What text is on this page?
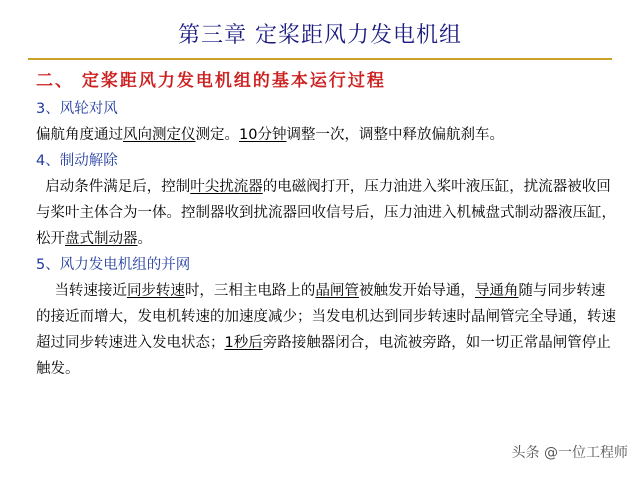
第三章 定桨距风力发电机组
二、 定桨距风力发电机组的基本运行过程

3、风轮对风

偏航角度通过风向测定仪测定。10分钟调整一次，调整中释放偏航刹车。

4、制动解除

启动条件满足后，控制叶尖扰流器的电磁阀打开，压力油进入桨叶液压缸，扰流器被收回与桨叶主体合为一体。控制器收到扰流器回收信号后，压力油进入机械盘式制动器液压缸，松开盘式制动器。

5、风力发电机组的并网

当转速接近同步转速时，三相主电路上的晶闸管被触发开始导通，导通角随与同步转速的接近而增大，发电机转速的加速度减少；当发电机达到同步转速时晶闸管完全导通，转速超过同步转速进入发电状态；1秒后旁路接触器闭合，电流被旁路，如一切正常晶闸管停止触发。

头条 @一位工程师
